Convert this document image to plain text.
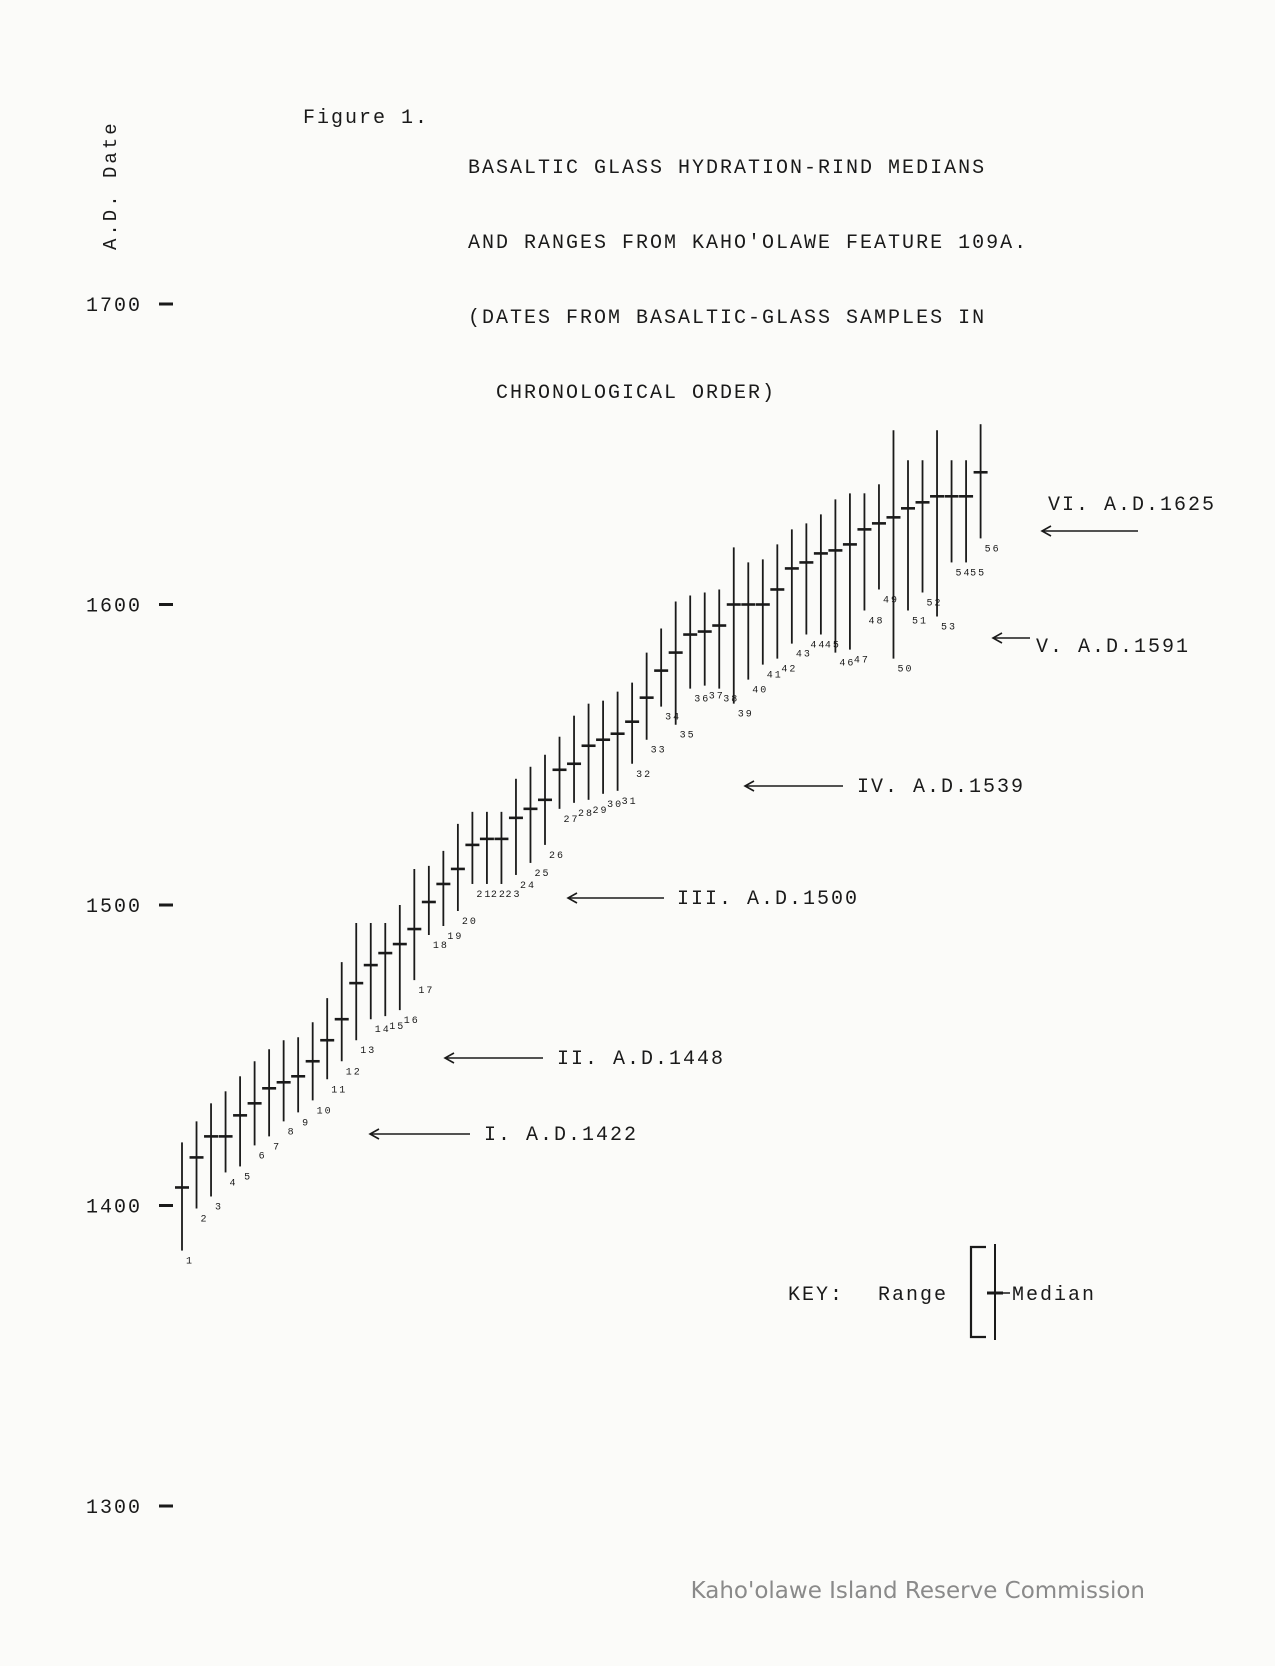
Figure 1.

BASALTIC GLASS HYDRATION-RIND MEDIANS

AND RANGES FROM KAHO'OLAWE FEATURE 109A.

(DATES FROM BASALTIC-GLASS SAMPLES IN

CHRONOLOGICAL ORDER)

A.D. Date
1300
1400
1500
1600
1700
1
2
3
4
5
6
7
8
9
10
11
12
13
14
15
16
17
18
19
20
21
22
23
24
25
26
27
28
29
30
31
32
33
34
35
36
37
38
39
40
41
42
43
44
45
46
47
48
49
50
51
52
53
54
55
56
I. A.D.1422
II. A.D.1448
III. A.D.1500
IV. A.D.1539
V. A.D.1591
VI. A.D.1625
KEY: Range	Median
Kaho'olawe Island Reserve Commission
